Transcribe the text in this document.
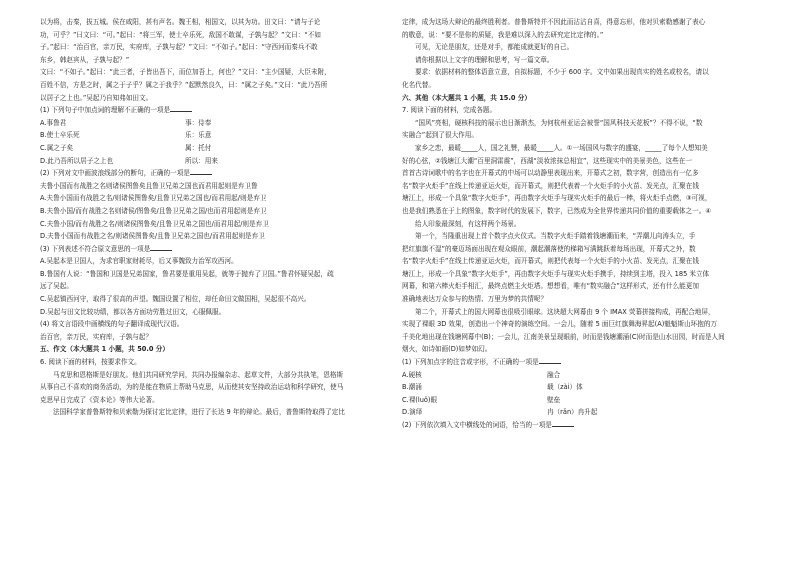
以为将，击秦，拔五城。侯在咸阳，甚有声名。魏王相，相国文，以其为功。田文曰：“请与子论
功，可乎？”曰文曰：“可。”起曰：“将三军，使士卒乐死，敌国不敢谋，子孰与起？”文曰：“不如
子。”起曰：“治百官，亲万民，实府库，子孰与起？”文曰：“不如子。”起曰：“守西河而秦兵不敢
东乡，韩赵宾从，子孰与起？”
文曰：“不如子。”起曰：“此三者，子皆出吾下，而位加吾上，何也？”文曰：“主少国疑，大臣未附，
百姓不信，方是之时，属之于子乎？属之于我乎？”起默然良久，曰：“属之子矣。”文曰：“此乃吾所
以居子之上也。”吴起乃自知弗如田文。
(1) 下列句子中加点词的理解不正确的一项是
A.事鲁君	事：侍奉
B.使士卒乐死	乐：乐意
C.属之子矣	属：托付
D.此乃吾所以居子之上也	所以：用来
(2) 下列对文中画波浪线部分的断句，正确的一项是
夫鲁小国而有战胜之名则诸侯图鲁矣且鲁卫兄弟之国也而君用起则是弃卫鲁
A.夫鲁小国而有战胜之名/则诸侯图鲁矣/且鲁卫兄弟之国也/而君用起/则是弃卫
B.夫鲁小国/而有战胜之名则诸侯/图鲁矣/且鲁卫兄弟之国/也而君用起则是弃卫
C.夫鲁小国/而有战胜之名/则诸侯图鲁矣/且鲁卫兄弟之国也/而君用起/则是弃卫
D.夫鲁小国而有战胜之名/则诸侯图鲁矣/且鲁卫兄弟之国也/而君用起则是弃卫
(3) 下列表述不符合原文意思的一项是
A.吴起本是卫国人，为求官职家财耗尽，后又事魏致力治军攻西河。
B.鲁国有人说：“鲁国和卫国是兄弟国家，鲁君要是重用吴起，就等于抛弃了卫国。”鲁君怀疑吴起，疏
远了吴起。
C.吴起镇西河守，取得了很高的声望。魏国设置了相位，却任命田文做国相，吴起很不高兴。
D.吴起与田文比较功绩，都以各方面功劳胜过田文，心服佩服。
(4) 将文言语段中画横线的句子翻译成现代汉语。
治百官，亲万民，实府库，子孰与起？
五、作文（本大题共 1 小题，共 50.0 分）
6. 阅读下面的材料，按要求作文。
马克思和恩格斯是好朋友。他们共同研究学问，共同办报编杂志、起草文件，大部分共执笔，恩格斯
从事自己不喜欢的商务活动，为的是能在物质上帮助马克思，从而使其安坚持政治运动和科学研究，使马
克思早日完成了《资本论》等伟大论著。
法国科学家普鲁斯特和贝索勒为探讨定比定律，进行了长达 9 年的辩论。最后，普鲁斯特取得了定比
定律，成为这场大辩论的最终胜利者。普鲁斯特并不因此而沾沾自喜，得意忘形，他对贝索勒感谢了表心
的敬意，说：“要不是你的质疑，我是难以深入的去研究定比定律的。”
可见，无论是朋友，还是对手，都能成就更好的自己。
请你根据以上文字的理解和思考，写一篇文章。
要求：依据材料的整体语意立意，自拟标题，不少于 600 字。文中如果出现真实的姓名或校名，请以
化名代替。
六、其他（本大题共 1 小题，共 15.0 分）
7. 阅读下面的材料，完成各题。
“国风”亮相，硬核科技的展示也日渐渐杰，为何杭州亚运会被誉“国风科技天花板”？不得不说，“数
实融合”起到了很大作用。
家乡之恋，最暖_____人，国之礼赞，最暖_____人。①一场国风与数字的盛宴，_____了每个人想知美
好的心弦，②钱塘江大潮“百里洞雷震”，西湖“淡妆浓抹总相宜”，这些现实中的美景美色，这些在一
首首古诗词歌中的名字也在开幕式的中场可以动静里表现出来，开幕式之初，数字营，创造出有一亿多
名“数字火炬手”在线上传递亚运火炬，而开幕式，则把代表着一个火炬手的小火苗、发光点，汇聚在钱
塘江上，形成一个具象“数字火炬手”，再由数字火炬手与现实火炬手的最后一棒，将火炬手点燃，③可视，
也是我们熟悉在于上的图象，数字时代的发展下，数字，已然成为全世界传递共同价值的重要载体之一。④
给人印象最深刻，有这样两个场景。
第一个，当隆重出现上首个数字点火仪式。当数字火炬手踏着钱塘潮而来，“弄潮儿向涛头立，手
把红旗旗不湿”的豪迈场面出现在观众眼前，潮起潮落使的梯箱写满跳跃着每场出现，开幕式之外，数
名“数字火炬手”在线上传递亚运火炬，而开幕式，则把代表每一个火炬手的小火苗、发光点，汇聚在钱
塘江上，形成一个具象“数字火炬手”，再由数字火炬手与现实火炬手携手，持续到主塔，投入 185 米立体
网幕，和第六棒火炬手相汇，最终点燃主火炬塔。想想看，唯有“数实融合”这样形式，还有什么能更加
准确地表达万众参与的热情、万里为梦的共情呢？
第二个，开幕式上的国大网幕也很吸引眼球。这块超大网幕由 9 个 IMAX 荧幕拼接构成，再配合地屏，
实现了裸眼 3D 效果，创造出一个神奇的演练空间。一会儿，随着 5 面巨红旗舞海昇起(A)魁魁斯山环抱的万
千美化地出现在钱塘网幕中(B)；一会儿，江南美景呈现眼前，时而是钱塘潮涌(C)时而是山水田园，时而是人间
烟火，如诗如画(D)如梦如幻。
(1) 下列加点字的注音或字形，不正确的一项是
A.硬核	融合
B.潮涌	载（zài）体
C.裸(luǒ)眼	壁垒
D.演绎	冉（rǎn）冉升起
(2) 下列依次填入文中横线处的词语，恰当的一项是
